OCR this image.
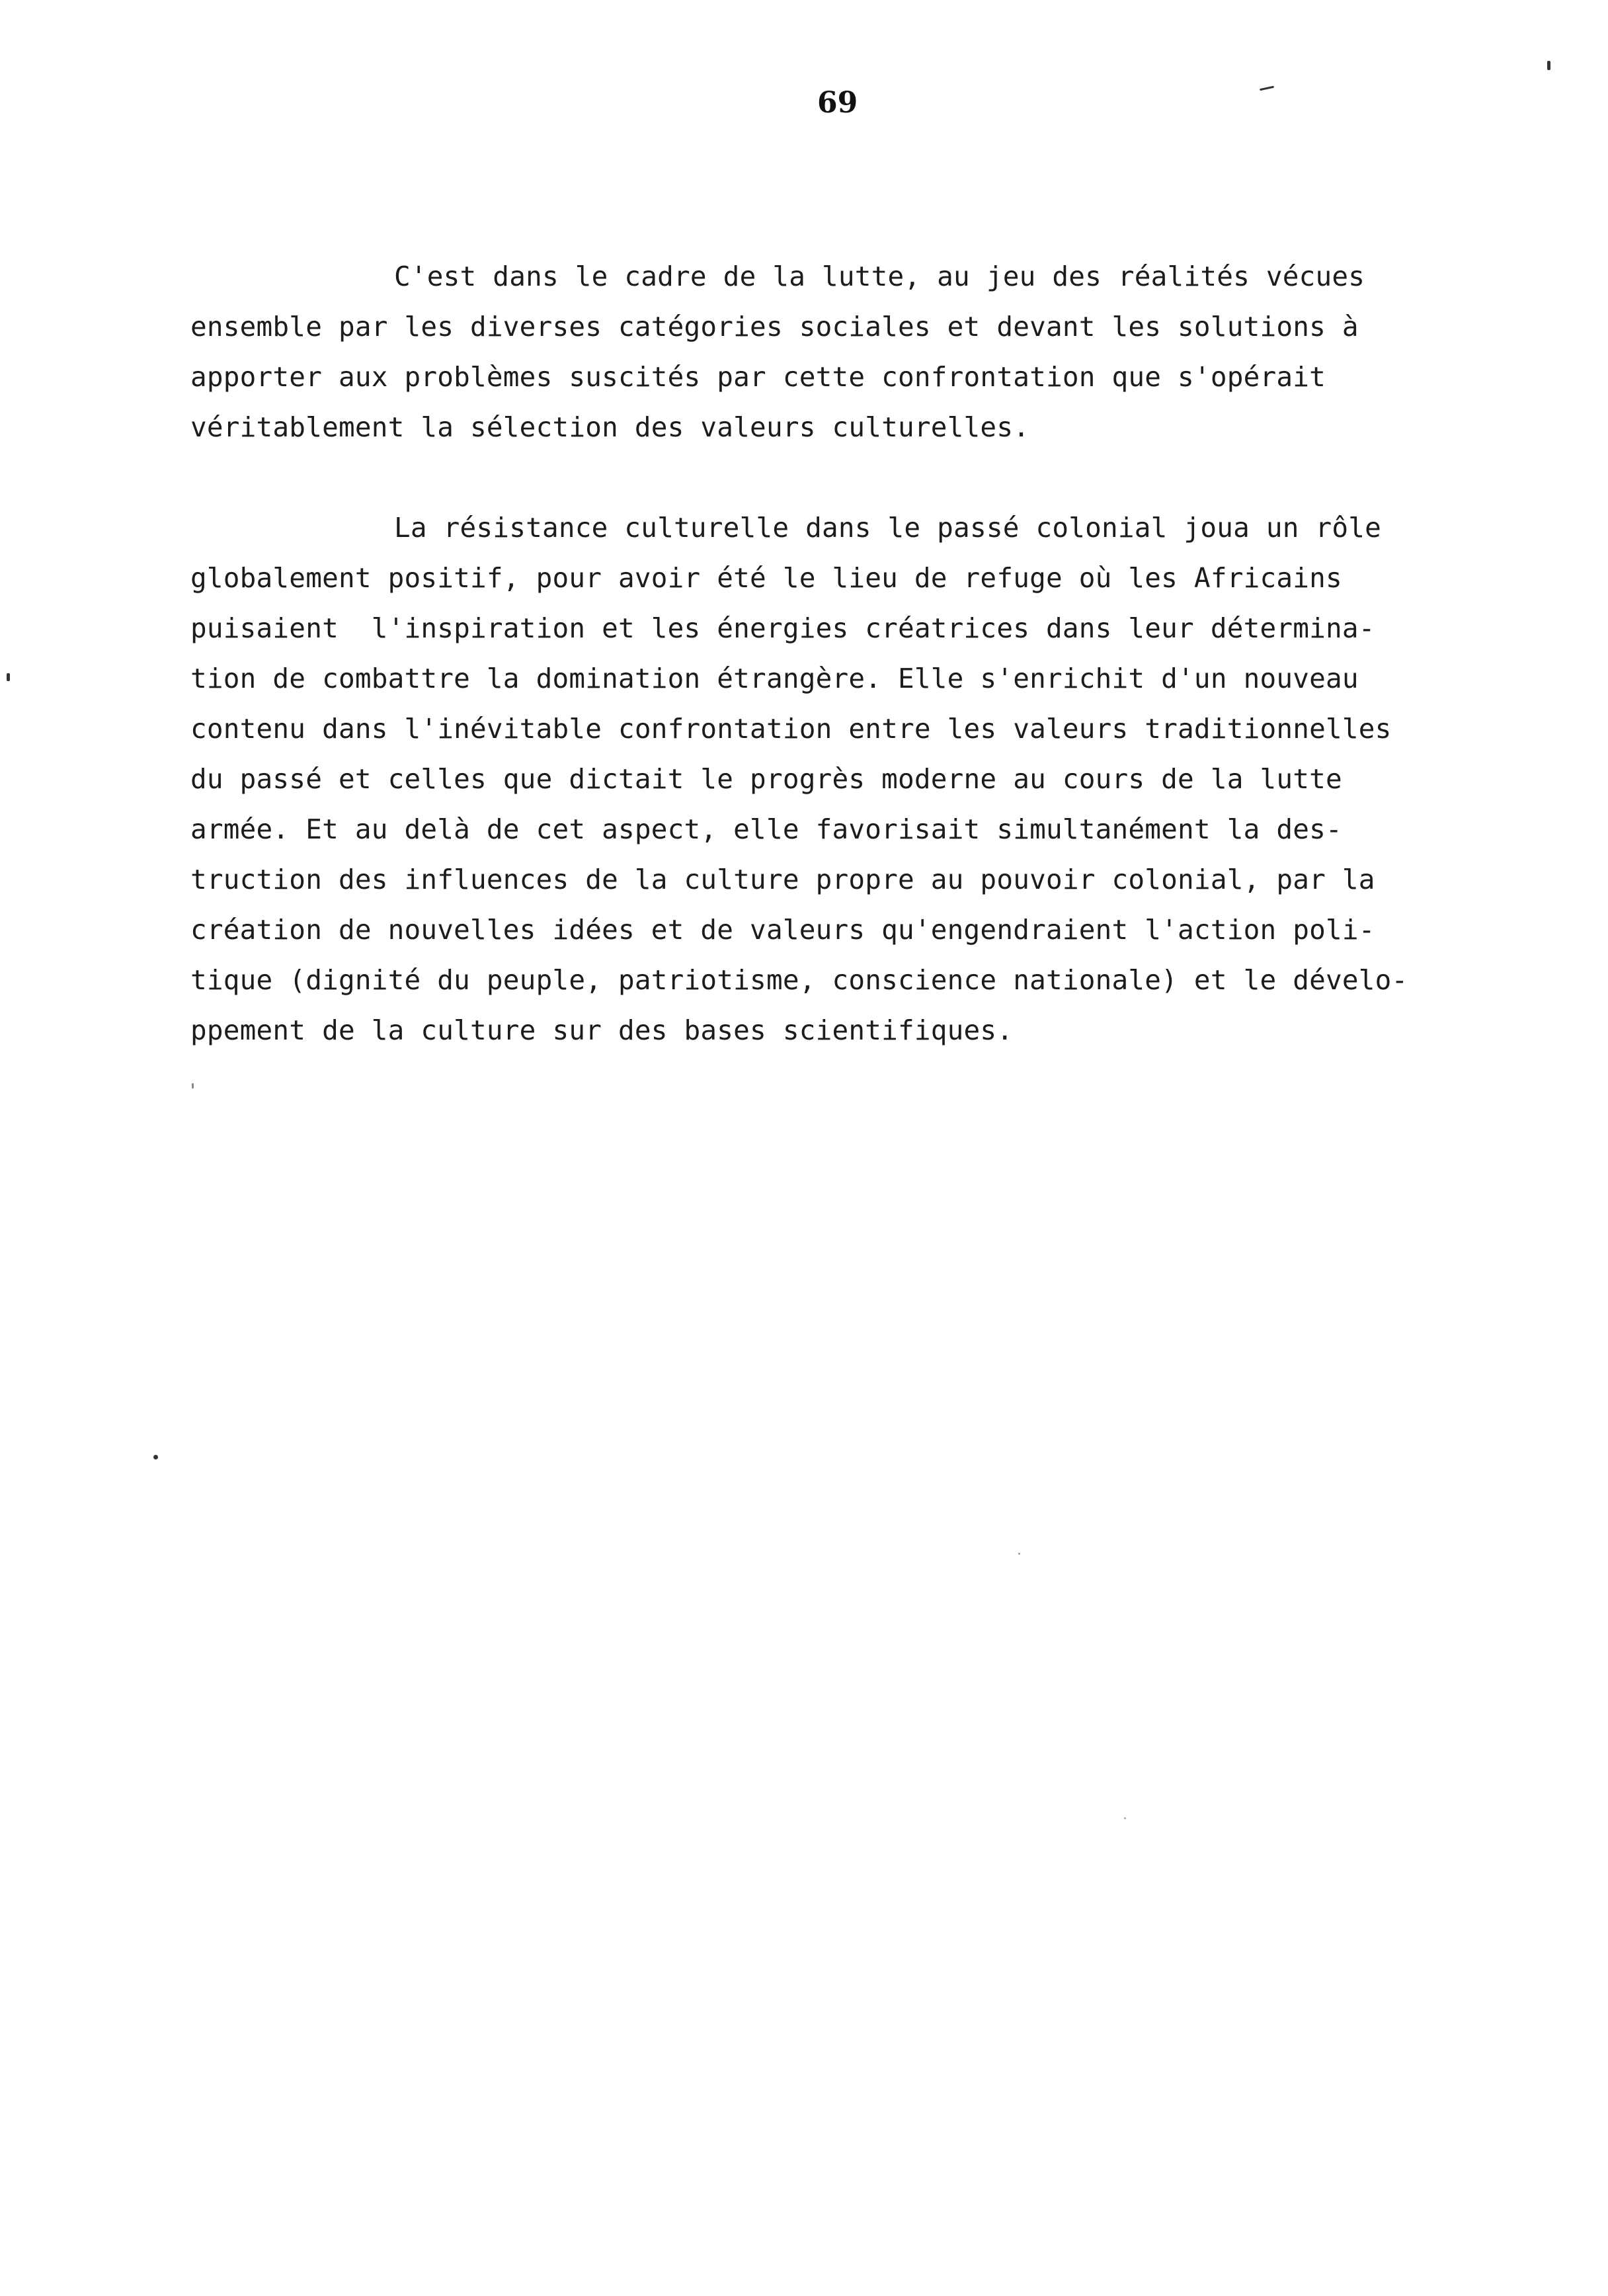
69
C'est dans le cadre de la lutte, au jeu des réalités vécues
ensemble par les diverses catégories sociales et devant les solutions à
apporter aux problèmes suscités par cette confrontation que s'opérait
véritablement la sélection des valeurs culturelles.
La résistance culturelle dans le passé colonial joua un rôle
globalement positif, pour avoir été le lieu de refuge où les Africains
puisaient  l'inspiration et les énergies créatrices dans leur détermina-
tion de combattre la domination étrangère. Elle s'enrichit d'un nouveau
contenu dans l'inévitable confrontation entre les valeurs traditionnelles
du passé et celles que dictait le progrès moderne au cours de la lutte
armée. Et au delà de cet aspect, elle favorisait simultanément la des-
truction des influences de la culture propre au pouvoir colonial, par la
création de nouvelles idées et de valeurs qu'engendraient l'action poli-
tique (dignité du peuple, patriotisme, conscience nationale) et le dévelo-
ppement de la culture sur des bases scientifiques.
